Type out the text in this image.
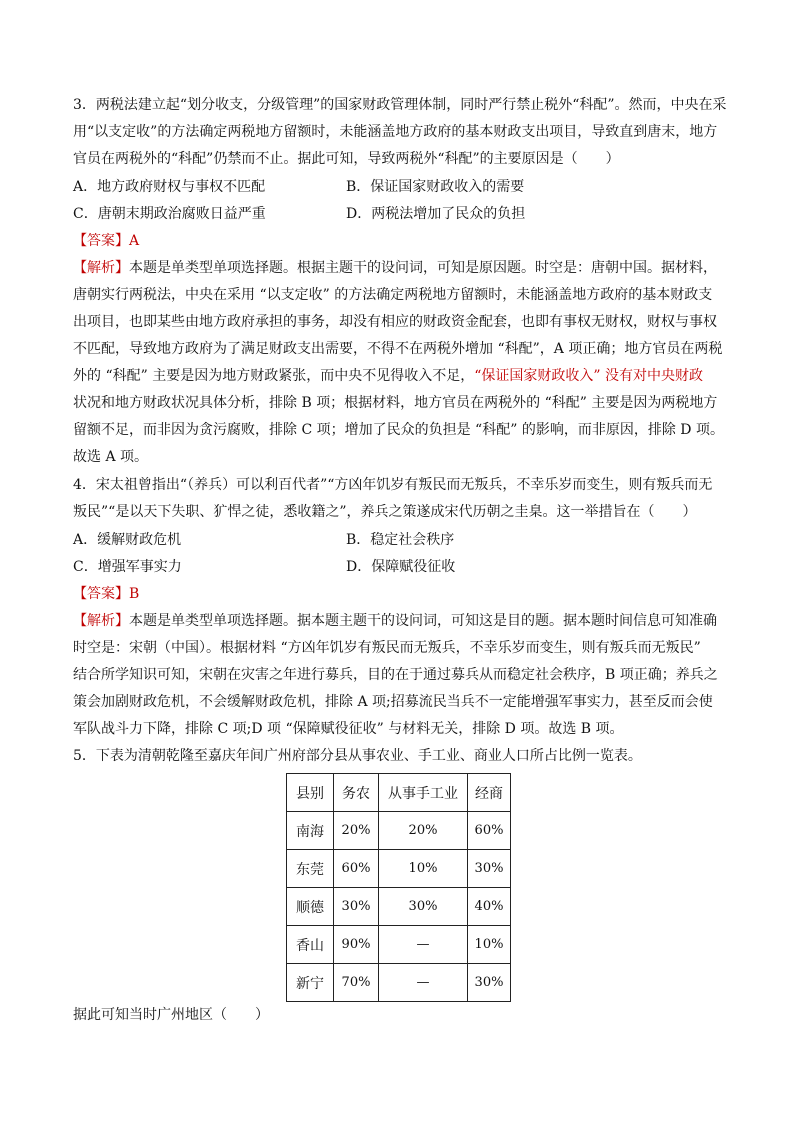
3．两税法建立起“划分收支，分级管理”的国家财政管理体制，同时严行禁止税外“科配”。然而，中央在采
用“以支定收”的方法确定两税地方留额时，未能涵盖地方政府的基本财政支出项目，导致直到唐末，地方
官员在两税外的“科配”仍禁而不止。据此可知，导致两税外“科配”的主要原因是（　　）
A．地方政府财权与事权不匹配	B．保证国家财政收入的需要
C．唐朝末期政治腐败日益严重	D．两税法增加了民众的负担
【答案】A
【解析】本题是单类型单项选择题。根据主题干的设问词，可知是原因题。时空是：唐朝中国。据材料，
唐朝实行两税法，中央在采用 “以支定收” 的方法确定两税地方留额时，未能涵盖地方政府的基本财政支
出项目，也即某些由地方政府承担的事务，却没有相应的财政资金配套，也即有事权无财权，财权与事权
不匹配，导致地方政府为了满足财政支出需要，不得不在两税外增加 “科配”，A 项正确；地方官员在两税
外的 “科配” 主要是因为地方财政紧张，而中央不见得收入不足，“保证国家财政收入” 没有对中央财政
状况和地方财政状况具体分析，排除 B 项；根据材料，地方官员在两税外的 “科配” 主要是因为两税地方
留额不足，而非因为贪污腐败，排除 C 项；增加了民众的负担是 “科配” 的影响，而非原因，排除 D 项。
故选 A 项。
4．宋太祖曾指出“（养兵）可以利百代者”“方凶年饥岁有叛民而无叛兵，不幸乐岁而变生，则有叛兵而无
叛民”“是以天下失职、犷悍之徒，悉收籍之”，养兵之策遂成宋代历朝之圭臬。这一举措旨在（　　）
A．缓解财政危机	B．稳定社会秩序
C．增强军事实力	D．保障赋役征收
【答案】B
【解析】本题是单类型单项选择题。据本题主题干的设问词，可知这是目的题。据本题时间信息可知准确
时空是：宋朝（中国）。根据材料 “方凶年饥岁有叛民而无叛兵，不幸乐岁而变生，则有叛兵而无叛民”
结合所学知识可知，宋朝在灾害之年进行募兵，目的在于通过募兵从而稳定社会秩序，B 项正确；养兵之
策会加剧财政危机，不会缓解财政危机，排除 A 项;招募流民当兵不一定能增强军事实力，甚至反而会使
军队战斗力下降，排除 C 项;D 项 “保障赋役征收” 与材料无关，排除 D 项。故选 B 项。
5．下表为清朝乾隆至嘉庆年间广州府部分县从事农业、手工业、商业人口所占比例一览表。
县别	务农	从事手工业	经商
南海	20%	20%	60%
东莞	60%	10%	30%
顺德	30%	30%	40%
香山	90%	—	10%
新宁	70%	—	30%
据此可知当时广州地区（　　）
